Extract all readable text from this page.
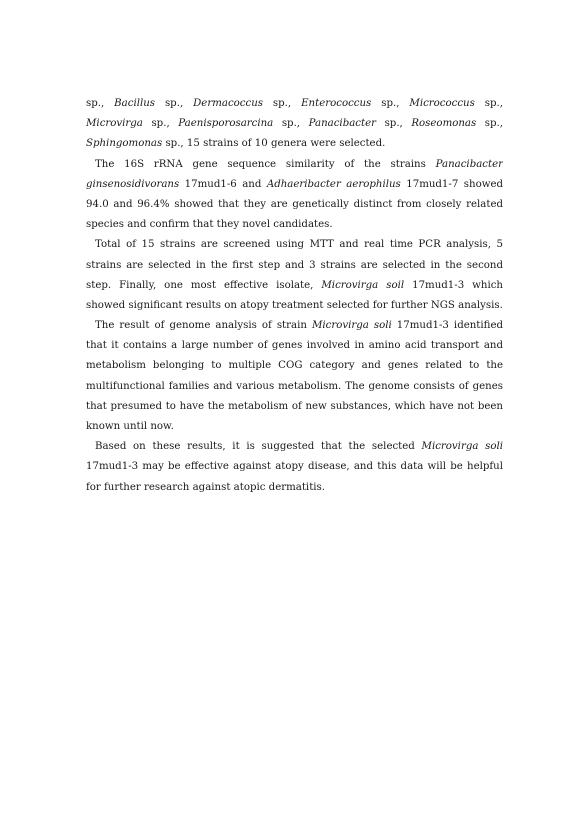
sp., Bacillus sp., Dermacoccus sp., Enterococcus sp., Micrococcus sp.,
Microvirga sp., Paenisporosarcina sp., Panacibacter sp., Roseomonas sp.,
Sphingomonas sp., 15 strains of 10 genera were selected.
The 16S rRNA gene sequence similarity of the strains Panacibacter
ginsenosidivorans 17mud1-6 and Adhaeribacter aerophilus 17mud1-7 showed
94.0 and 96.4% showed that they are genetically distinct from closely related
species and confirm that they novel candidates.
Total of 15 strains are screened using MTT and real time PCR analysis, 5
strains are selected in the first step and 3 strains are selected in the second
step. Finally, one most effective isolate, Microvirga soil 17mud1-3 which
showed significant results on atopy treatment selected for further NGS analysis.
The result of genome analysis of strain Microvirga soli 17mud1-3 identified
that it contains a large number of genes involved in amino acid transport and
metabolism belonging to multiple COG category and genes related to the
multifunctional families and various metabolism. The genome consists of genes
that presumed to have the metabolism of new substances, which have not been
known until now.
Based on these results, it is suggested that the selected Microvirga soli
17mud1-3 may be effective against atopy disease, and this data will be helpful
for further research against atopic dermatitis.
